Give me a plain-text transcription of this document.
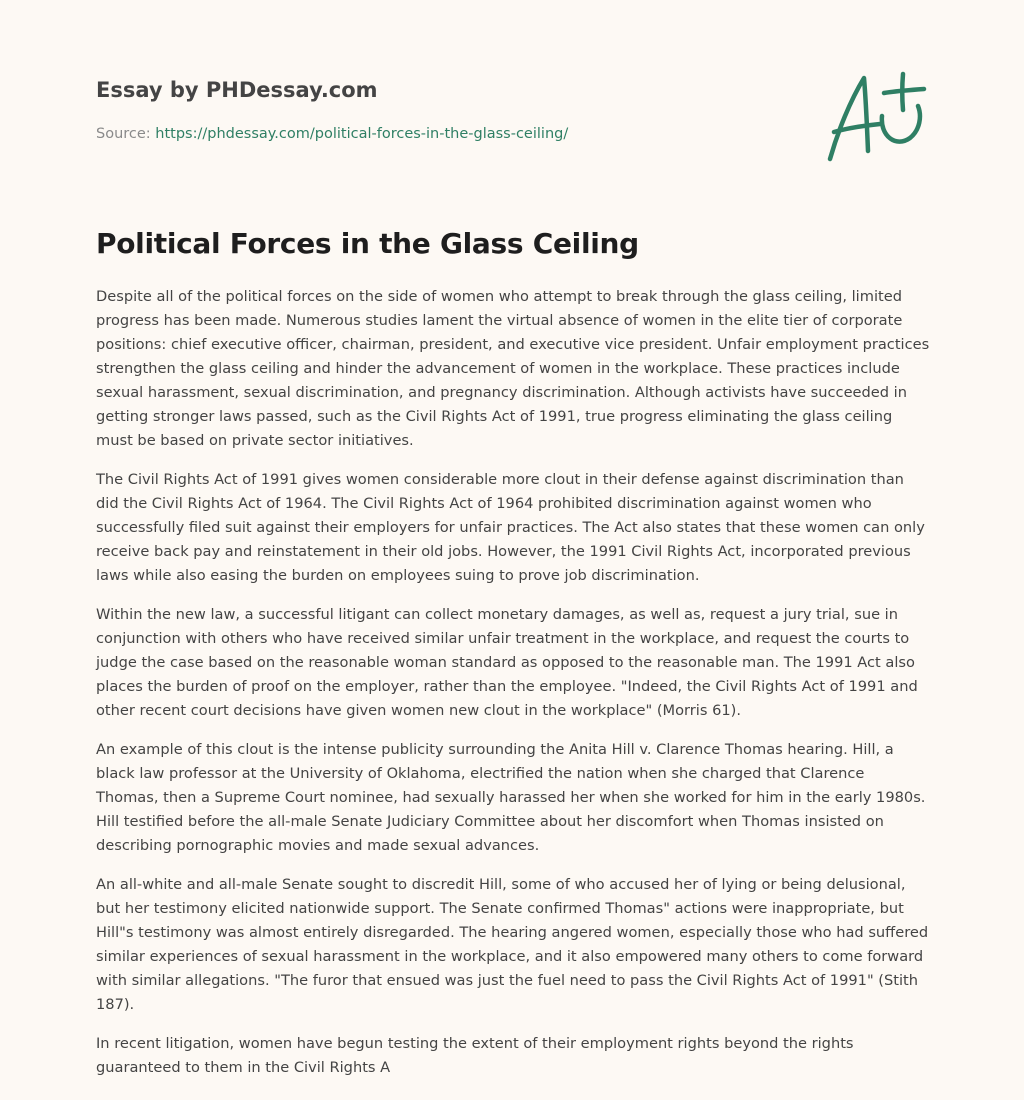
Essay by PHDessay.com
Source: https://phdessay.com/political-forces-in-the-glass-ceiling/
Political Forces in the Glass Ceiling

Despite all of the political forces on the side of women who attempt to break through the glass ceiling, limited progress has been made. Numerous studies lament the virtual absence of women in the elite tier of corporate positions: chief executive officer, chairman, president, and executive vice president. Unfair employment practices strengthen the glass ceiling and hinder the advancement of women in the workplace. These practices include sexual harassment, sexual discrimination, and pregnancy discrimination. Although activists have succeeded in getting stronger laws passed, such as the Civil Rights Act of 1991, true progress eliminating the glass ceiling must be based on private sector initiatives.

The Civil Rights Act of 1991 gives women considerable more clout in their defense against discrimination than did the Civil Rights Act of 1964. The Civil Rights Act of 1964 prohibited discrimination against women who successfully filed suit against their employers for unfair practices. The Act also states that these women can only receive back pay and reinstatement in their old jobs. However, the 1991 Civil Rights Act, incorporated previous laws while also easing the burden on employees suing to prove job discrimination.

Within the new law, a successful litigant can collect monetary damages, as well as, request a jury trial, sue in conjunction with others who have received similar unfair treatment in the workplace, and request the courts to judge the case based on the reasonable woman standard as opposed to the reasonable man. The 1991 Act also places the burden of proof on the employer, rather than the employee. "Indeed, the Civil Rights Act of 1991 and other recent court decisions have given women new clout in the workplace" (Morris 61).

An example of this clout is the intense publicity surrounding the Anita Hill v. Clarence Thomas hearing. Hill, a black law professor at the University of Oklahoma, electrified the nation when she charged that Clarence Thomas, then a Supreme Court nominee, had sexually harassed her when she worked for him in the early 1980s. Hill testified before the all-male Senate Judiciary Committee about her discomfort when Thomas insisted on describing pornographic movies and made sexual advances.

An all-white and all-male Senate sought to discredit Hill, some of who accused her of lying or being delusional, but her testimony elicited nationwide support. The Senate confirmed Thomas" actions were inappropriate, but Hill"s testimony was almost entirely disregarded. The hearing angered women, especially those who had suffered similar experiences of sexual harassment in the workplace, and it also empowered many others to come forward with similar allegations. "The furor that ensued was just the fuel need to pass the Civil Rights Act of 1991" (Stith 187).

In recent litigation, women have begun testing the extent of their employment rights beyond the rights guaranteed to them in the Civil Rights A
